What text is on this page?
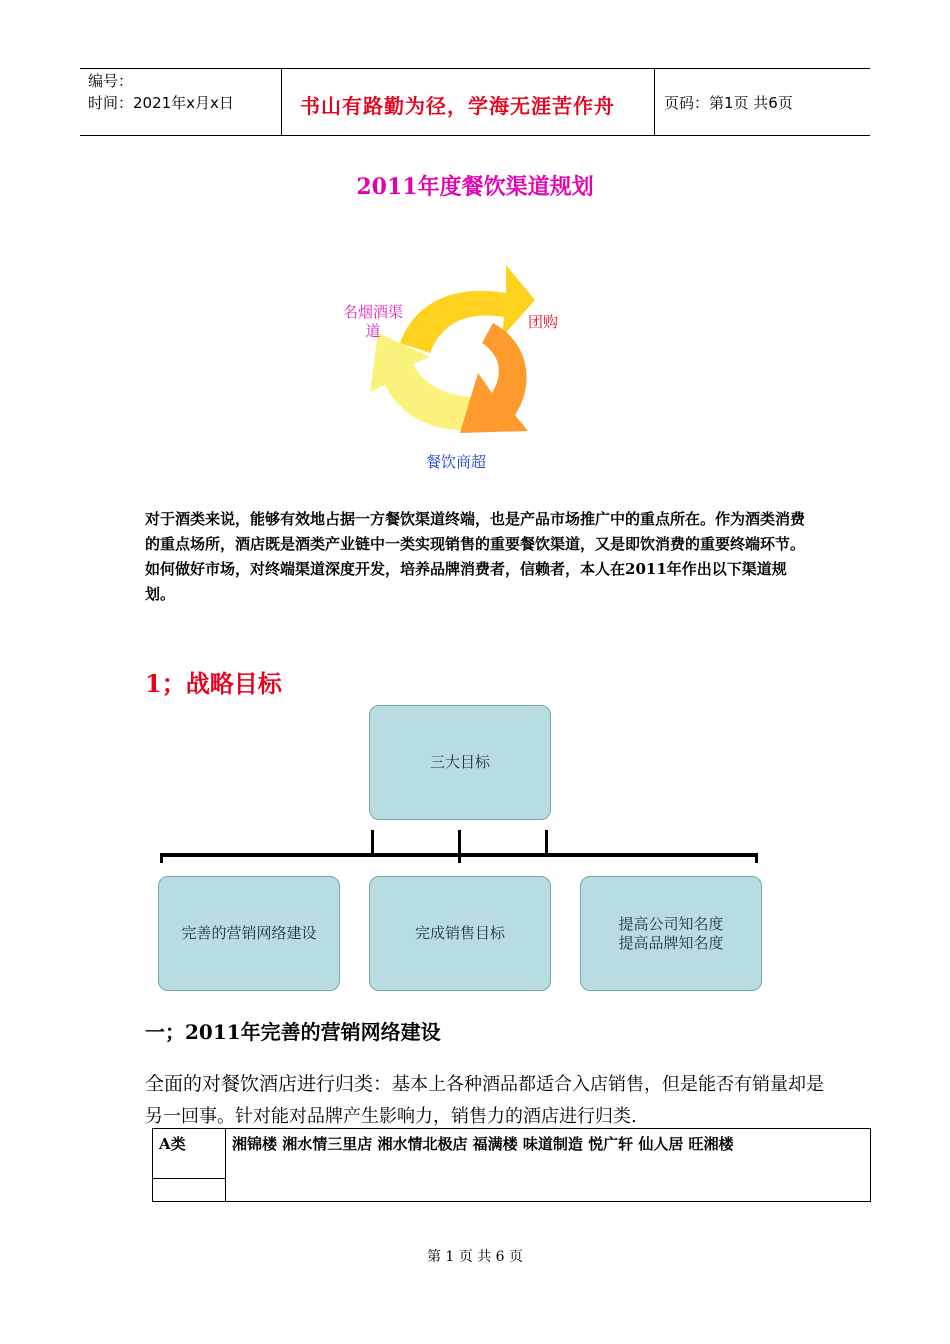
编号：
时间：2021年x月x日	书山有路勤为径，学海无涯苦作舟	页码：第1页 共6页
2011年度餐饮渠道规划
名烟酒渠
道	团购
餐饮商超
对于酒类来说，能够有效地占据一方餐饮渠道终端，也是产品市场推广中的重点所在。作为酒类消费的重点场所，酒店既是酒类产业链中一类实现销售的重要餐饮渠道，又是即饮消费的重要终端环节。如何做好市场，对终端渠道深度开发，培养品牌消费者，信赖者，本人在2011年作出以下渠道规划。
1；战略目标
三大目标
完善的营销网络建设	完成销售目标
提高公司知名度
提高品牌知名度
一；2011年完善的营销网络建设
全面的对餐饮酒店进行归类：基本上各种酒品都适合入店销售，但是能否有销量却是另一回事。针对能对品牌产生影响力，销售力的酒店进行归类.
A类	湘锦楼 湘水情三里店 湘水情北极店 福满楼 味道制造 悦广轩 仙人居 旺湘楼

第 1 页 共 6 页
